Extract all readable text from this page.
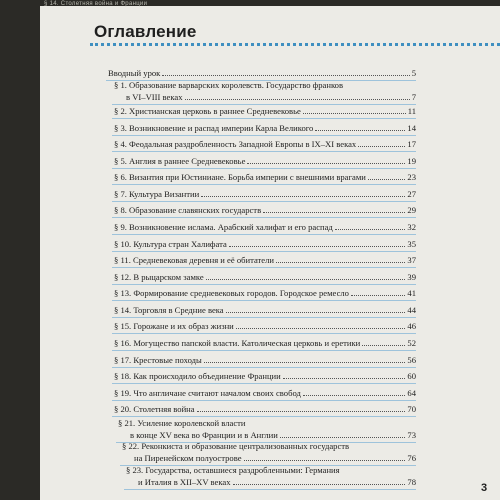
§ 14. Столетняя война и Франции
Оглавление
Вводный урок	5
§ 1. Образование варварских королевств. Государство франков
в VI–VIII веках	7
§ 2. Христианская церковь в раннее Средневековье	11
§ 3. Возникновение и распад империи Карла Великого	14
§ 4. Феодальная раздробленность Западной Европы в IX–XI веках	17
§ 5. Англия в раннее Средневековье	19
§ 6. Византия при Юстиниане. Борьба империи с внешними врагами	23
§ 7. Культура Византии	27
§ 8. Образование славянских государств	29
§ 9. Возникновение ислама. Арабский халифат и его распад	32
§ 10. Культура стран Халифата	35
§ 11. Средневековая деревня и её обитатели	37
§ 12. В рыцарском замке	39
§ 13. Формирование средневековых городов. Городское ремесло	41
§ 14. Торговля в Средние века	44
§ 15. Горожане и их образ жизни	46
§ 16. Могущество папской власти. Католическая церковь и еретики	52
§ 17. Крестовые походы	56
§ 18. Как происходило объединение Франции	60
§ 19. Что англичане считают началом своих свобод	64
§ 20. Столетняя война	70
§ 21. Усиление королевской власти
в конце XV века во Франции и в Англии	73
§ 22. Реконкиста и образование централизованных государств
на Пиренейском полуострове	76
§ 23. Государства, оставшиеся раздробленными: Германия
и Италия в XII–XV веках	78	3
